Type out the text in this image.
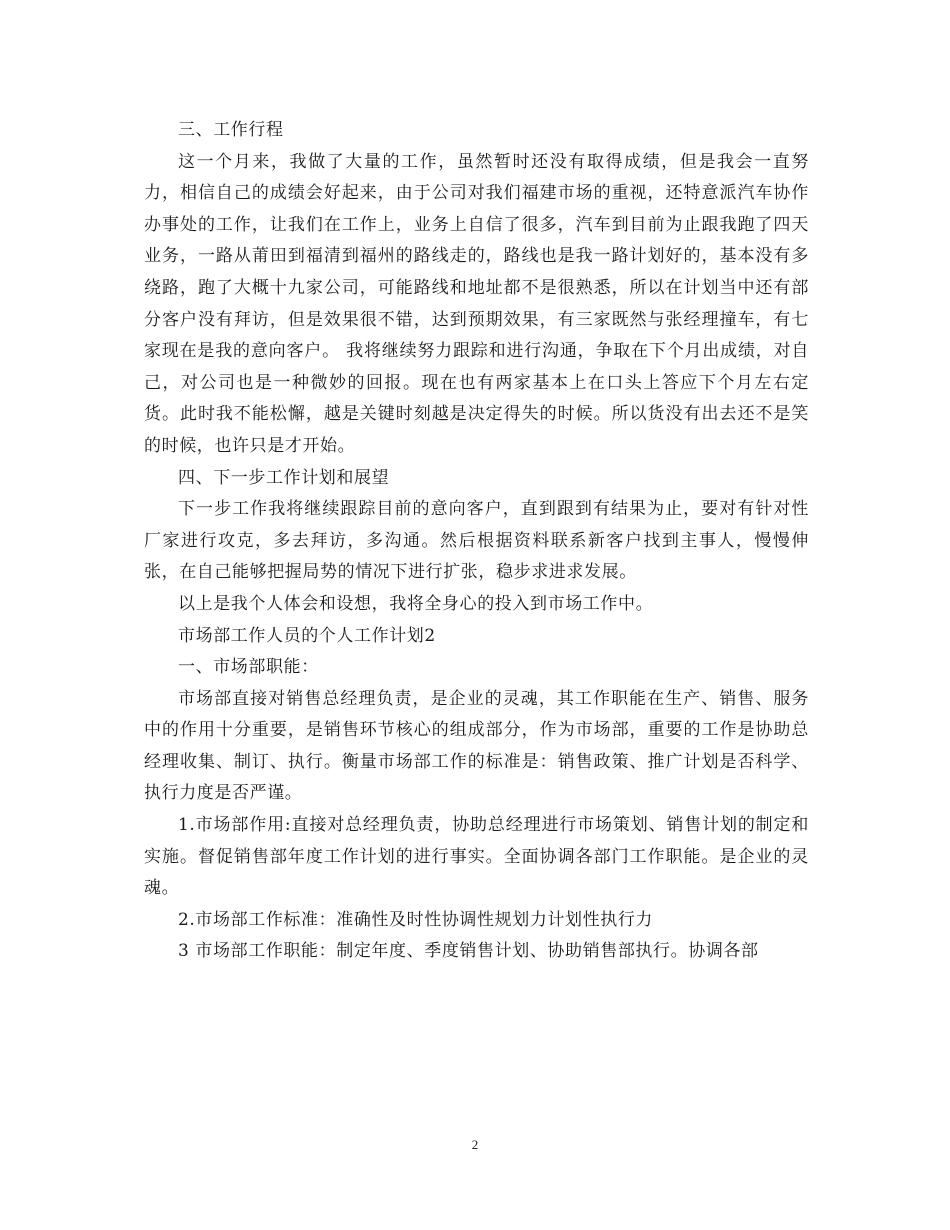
三、工作行程

这一个月来，我做了大量的工作，虽然暂时还没有取得成绩，但是我会一直努力，相信自己的成绩会好起来，由于公司对我们福建市场的重视，还特意派汽车协作办事处的工作，让我们在工作上，业务上自信了很多，汽车到目前为止跟我跑了四天业务，一路从莆田到福清到福州的路线走的，路线也是我一路计划好的，基本没有多绕路，跑了大概十九家公司，可能路线和地址都不是很熟悉，所以在计划当中还有部分客户没有拜访，但是效果很不错，达到预期效果，有三家既然与张经理撞车，有七家现在是我的意向客户。 我将继续努力跟踪和进行沟通，争取在下个月出成绩，对自己，对公司也是一种微妙的回报。现在也有两家基本上在口头上答应下个月左右定货。此时我不能松懈，越是关键时刻越是决定得失的时候。所以货没有出去还不是笑的时候，也许只是才开始。

四、下一步工作计划和展望

下一步工作我将继续跟踪目前的意向客户，直到跟到有结果为止，要对有针对性厂家进行攻克，多去拜访，多沟通。然后根据资料联系新客户找到主事人，慢慢伸张，在自己能够把握局势的情况下进行扩张，稳步求进求发展。

以上是我个人体会和设想，我将全身心的投入到市场工作中。

市场部工作人员的个人工作计划2

一、市场部职能：

市场部直接对销售总经理负责，是企业的灵魂，其工作职能在生产、销售、服务中的作用十分重要，是销售环节核心的组成部分，作为市场部，重要的工作是协助总经理收集、制订、执行。衡量市场部工作的标准是：销售政策、推广计划是否科学、执行力度是否严谨。

1.市场部作用:直接对总经理负责，协助总经理进行市场策划、销售计划的制定和实施。督促销售部年度工作计划的进行事实。全面协调各部门工作职能。是企业的灵魂。

2.市场部工作标准：准确性及时性协调性规划力计划性执行力

3 市场部工作职能：制定年度、季度销售计划、协助销售部执行。协调各部

2
